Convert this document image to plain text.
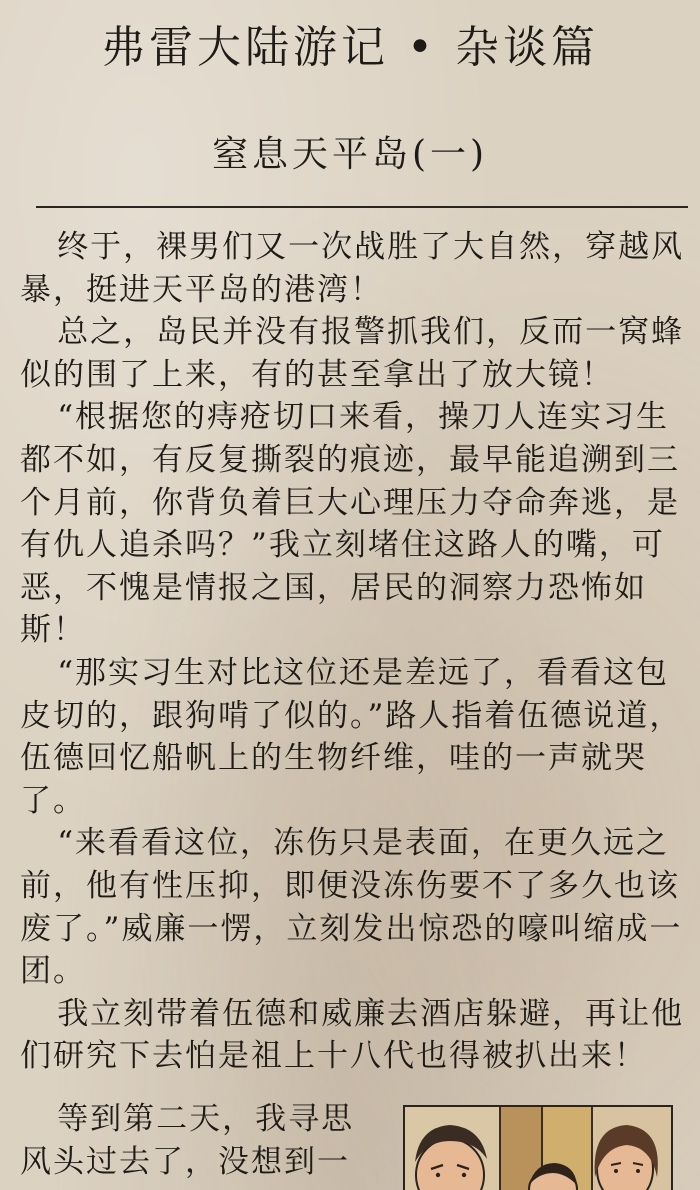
弗雷大陆游记 • 杂谈篇
窒息天平岛(一)

终于，裸男们又一次战胜了大自然，穿越风暴，挺进天平岛的港湾！

总之，岛民并没有报警抓我们，反而一窝蜂似的围了上来，有的甚至拿出了放大镜！

“根据您的痔疮切口来看，操刀人连实习生都不如，有反复撕裂的痕迹，最早能追溯到三个月前，你背负着巨大心理压力夺命奔逃，是有仇人追杀吗？”我立刻堵住这路人的嘴，可恶，不愧是情报之国，居民的洞察力恐怖如斯！

“那实习生对比这位还是差远了，看看这包皮切的，跟狗啃了似的。”路人指着伍德说道，伍德回忆船帆上的生物纤维，哇的一声就哭了。

“来看看这位，冻伤只是表面，在更久远之前，他有性压抑，即便没冻伤要不了多久也该废了。”威廉一愣，立刻发出惊恐的嚎叫缩成一团。

我立刻带着伍德和威廉去酒店躲避，再让他们研究下去怕是祖上十八代也得被扒出来！

等到第二天，我寻思风头过去了，没想到一
